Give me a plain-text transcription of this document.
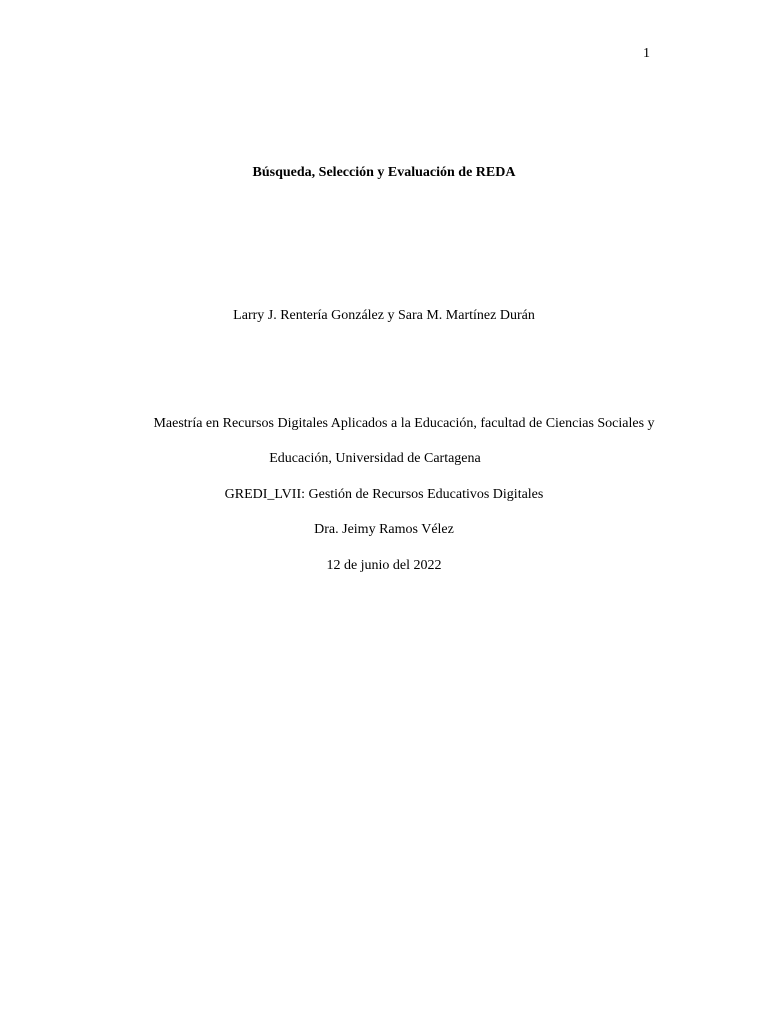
1
Búsqueda, Selección y Evaluación de REDA
Larry J. Rentería González y Sara M. Martínez Durán
Maestría en Recursos Digitales Aplicados a la Educación, facultad de Ciencias Sociales y
Educación, Universidad de Cartagena
GREDI_LVII: Gestión de Recursos Educativos Digitales
Dra. Jeimy Ramos Vélez
12 de junio del 2022
